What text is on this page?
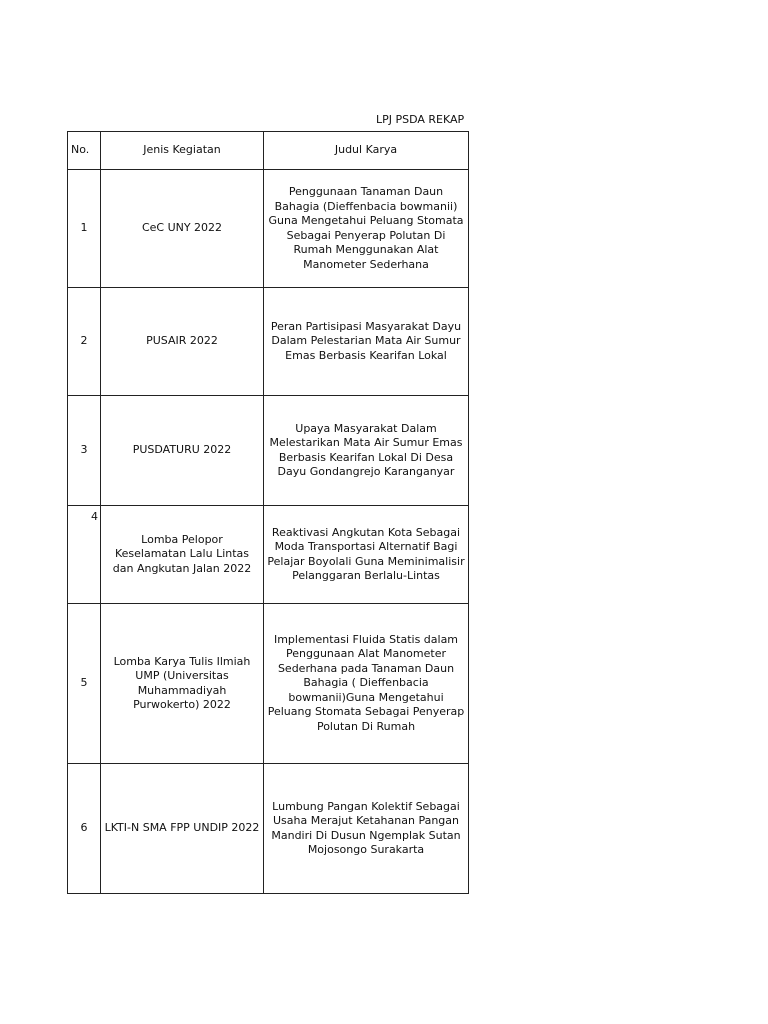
LPJ PSDA REKAP
No.	Jenis Kegiatan	Judul Karya
1	CeC UNY 2022	Penggunaan Tanaman Daun Bahagia (Dieffenbacia bowmanii) Guna Mengetahui Peluang Stomata Sebagai Penyerap Polutan Di Rumah Menggunakan Alat Manometer Sederhana
2	PUSAIR 2022	Peran Partisipasi Masyarakat Dayu Dalam Pelestarian Mata Air Sumur Emas Berbasis Kearifan Lokal
3	PUSDATURU 2022	Upaya Masyarakat Dalam Melestarikan Mata Air Sumur Emas Berbasis Kearifan Lokal Di Desa Dayu Gondangrejo Karanganyar
4	Lomba Pelopor Keselamatan Lalu Lintas dan Angkutan Jalan 2022	Reaktivasi Angkutan Kota Sebagai Moda Transportasi Alternatif Bagi Pelajar Boyolali Guna Meminimalisir Pelanggaran Berlalu-Lintas
5	Lomba Karya Tulis Ilmiah UMP (Universitas Muhammadiyah Purwokerto) 2022	Implementasi Fluida Statis dalam Penggunaan Alat Manometer Sederhana pada Tanaman Daun Bahagia ( Dieffenbacia bowmanii)Guna Mengetahui Peluang Stomata Sebagai Penyerap Polutan Di Rumah
6	LKTI-N SMA FPP UNDIP 2022	Lumbung Pangan Kolektif Sebagai Usaha Merajut Ketahanan Pangan Mandiri Di Dusun Ngemplak Sutan Mojosongo Surakarta
